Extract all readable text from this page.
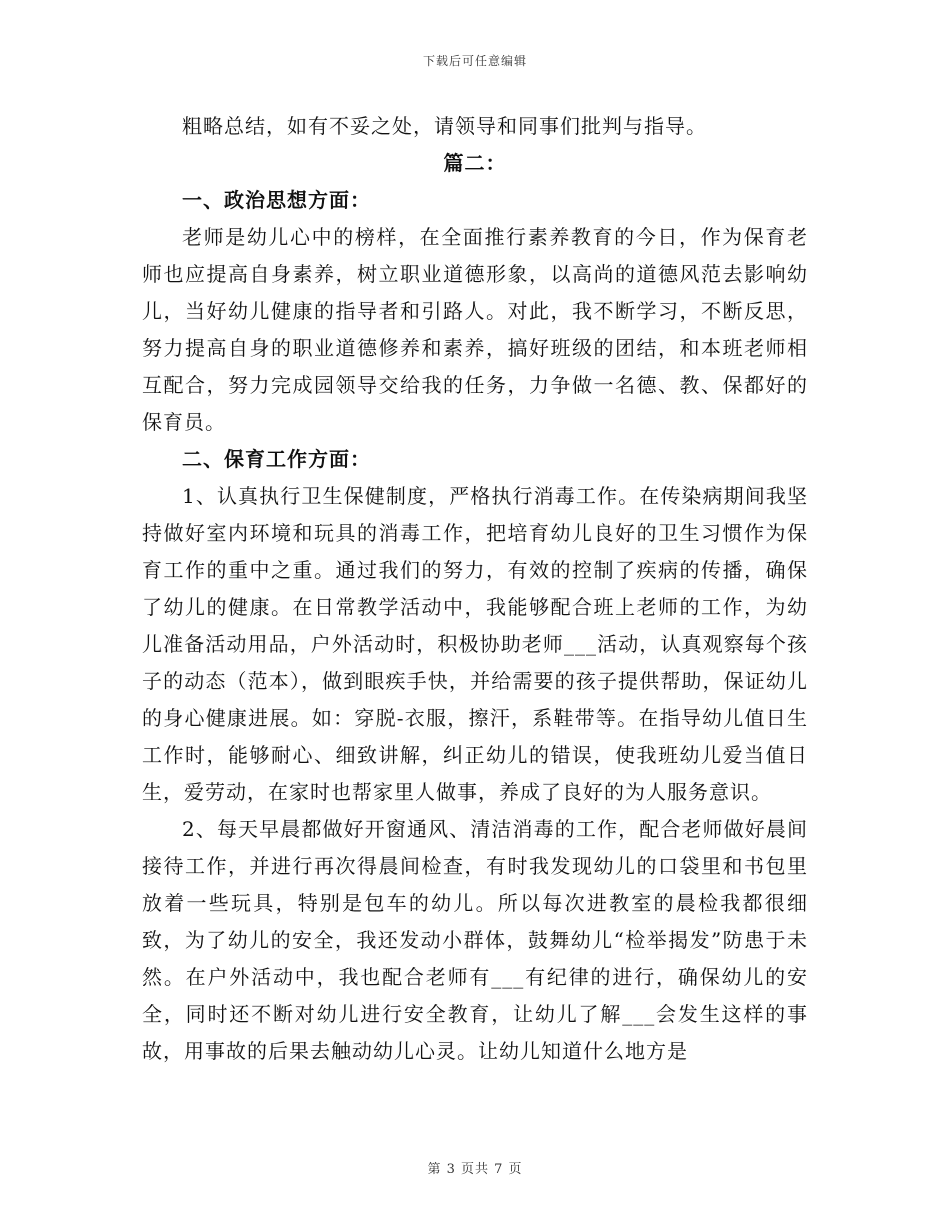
下载后可任意编辑

粗略总结，如有不妥之处，请领导和同事们批判与指导。

篇二：

一、政治思想方面：

老师是幼儿心中的榜样，在全面推行素养教育的今日，作为保育老师也应提高自身素养，树立职业道德形象，以高尚的道德风范去影响幼儿，当好幼儿健康的指导者和引路人。对此，我不断学习，不断反思，努力提高自身的职业道德修养和素养，搞好班级的团结，和本班老师相互配合，努力完成园领导交给我的任务，力争做一名德、教、保都好的保育员。

二、保育工作方面：

1、认真执行卫生保健制度，严格执行消毒工作。在传染病期间我坚持做好室内环境和玩具的消毒工作，把培育幼儿良好的卫生习惯作为保育工作的重中之重。通过我们的努力，有效的控制了疾病的传播，确保了幼儿的健康。在日常教学活动中，我能够配合班上老师的工作，为幼儿准备活动用品，户外活动时，积极协助老师___活动，认真观察每个孩子的动态（范本），做到眼疾手快，并给需要的孩子提供帮助，保证幼儿的身心健康进展。如：穿脱-衣服，擦汗，系鞋带等。在指导幼儿值日生工作时，能够耐心、细致讲解，纠正幼儿的错误，使我班幼儿爱当值日生，爱劳动，在家时也帮家里人做事，养成了良好的为人服务意识。

2、每天早晨都做好开窗通风、清洁消毒的工作，配合老师做好晨间接待工作，并进行再次得晨间检查，有时我发现幼儿的口袋里和书包里放着一些玩具，特别是包车的幼儿。所以每次进教室的晨检我都很细致，为了幼儿的安全，我还发动小群体，鼓舞幼儿“检举揭发”防患于未然。在户外活动中，我也配合老师有___有纪律的进行，确保幼儿的安全，同时还不断对幼儿进行安全教育，让幼儿了解___会发生这样的事故，用事故的后果去触动幼儿心灵。让幼儿知道什么地方是

第 3 页共 7 页
